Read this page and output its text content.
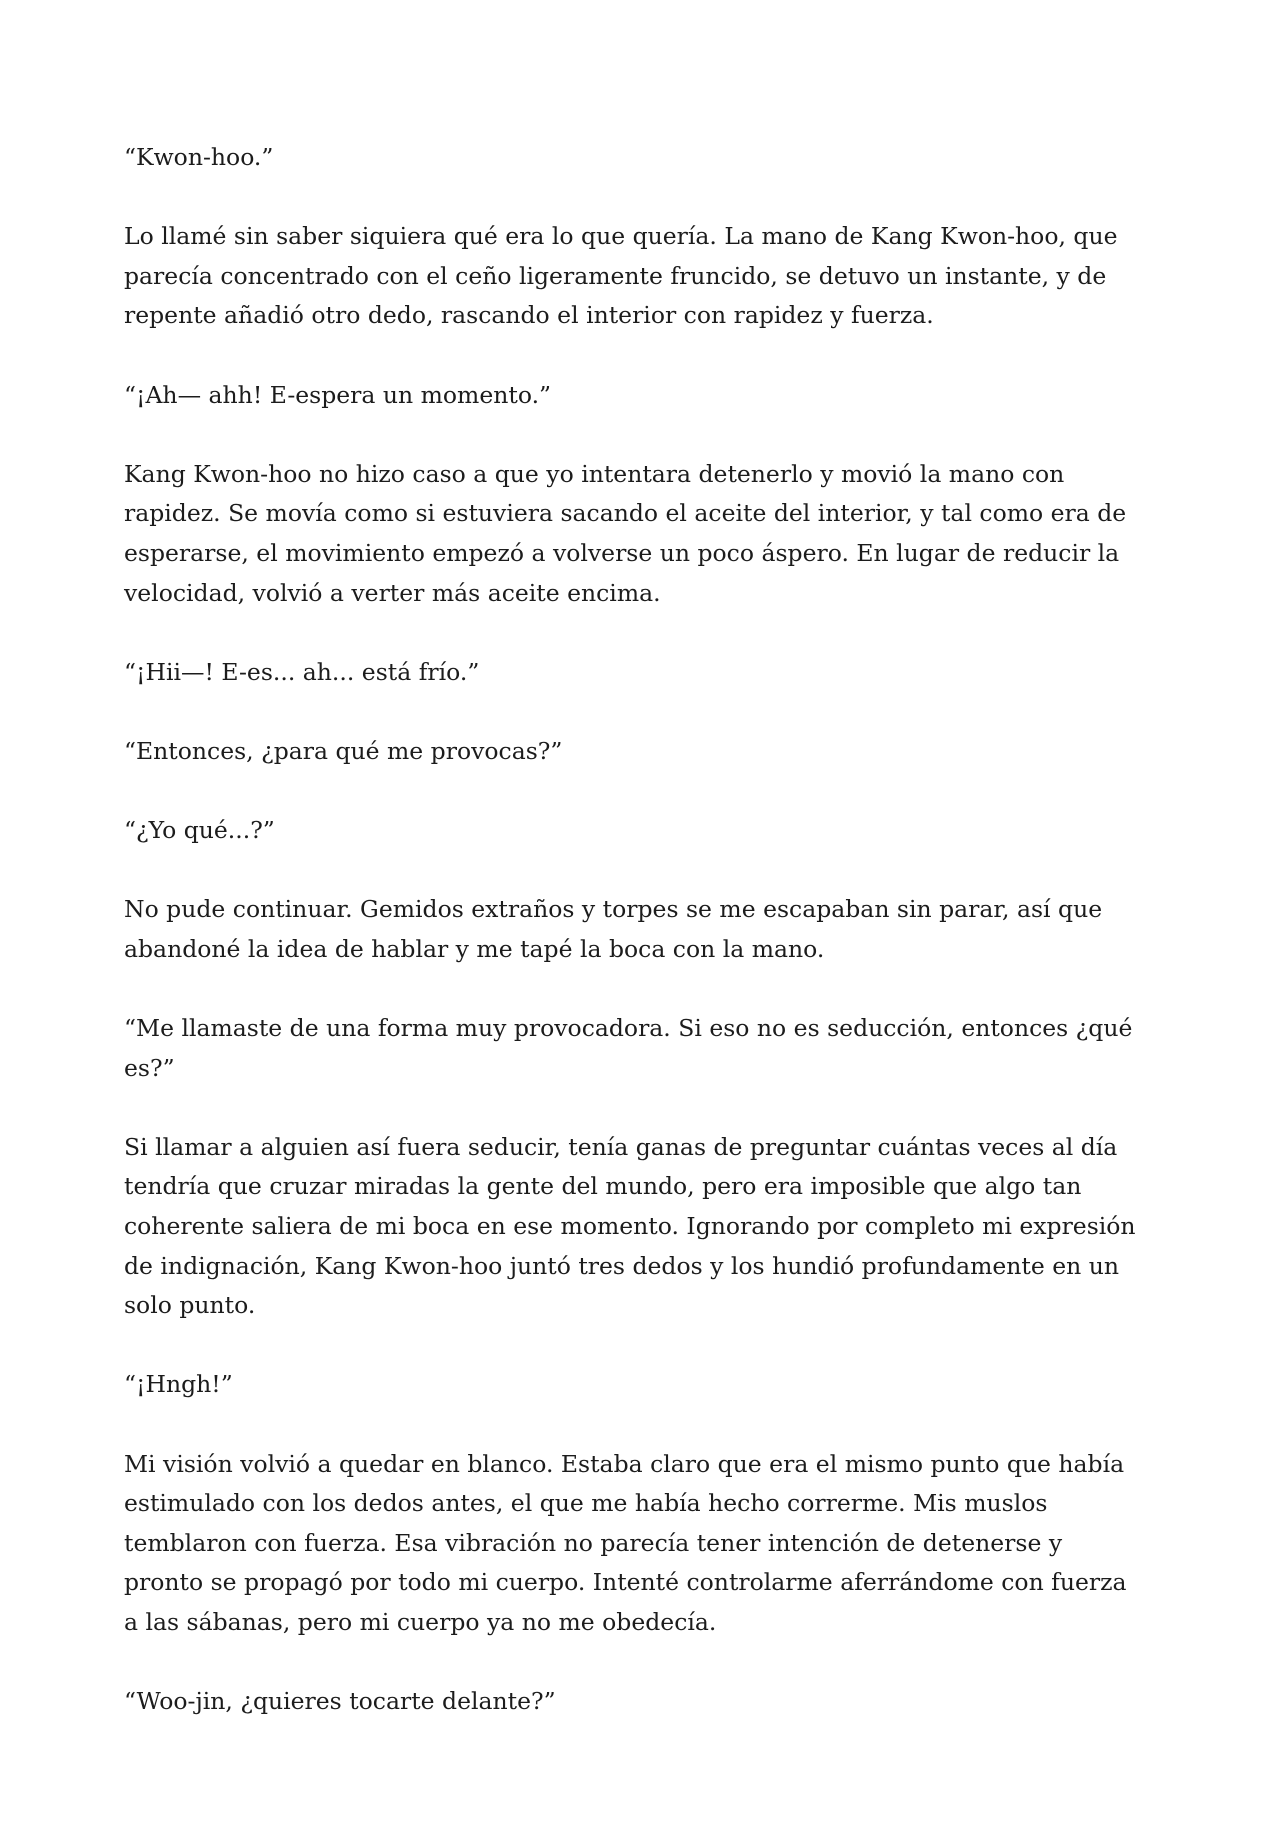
“Kwon-hoo.”

Lo llamé sin saber siquiera qué era lo que quería. La mano de Kang Kwon-hoo, que parecía concentrado con el ceño ligeramente fruncido, se detuvo un instante, y de repente añadió otro dedo, rascando el interior con rapidez y fuerza.

“¡Ah— ahh! E-espera un momento.”

Kang Kwon-hoo no hizo caso a que yo intentara detenerlo y movió la mano con rapidez. Se movía como si estuviera sacando el aceite del interior, y tal como era de esperarse, el movimiento empezó a volverse un poco áspero. En lugar de reducir la velocidad, volvió a verter más aceite encima.

“¡Hii—! E-es... ah... está frío.”

“Entonces, ¿para qué me provocas?”

“¿Yo qué...?”

No pude continuar. Gemidos extraños y torpes se me escapaban sin parar, así que abandoné la idea de hablar y me tapé la boca con la mano.

“Me llamaste de una forma muy provocadora. Si eso no es seducción, entonces ¿qué es?”

Si llamar a alguien así fuera seducir, tenía ganas de preguntar cuántas veces al día tendría que cruzar miradas la gente del mundo, pero era imposible que algo tan coherente saliera de mi boca en ese momento. Ignorando por completo mi expresión de indignación, Kang Kwon-hoo juntó tres dedos y los hundió profundamente en un solo punto.

“¡Hngh!”

Mi visión volvió a quedar en blanco. Estaba claro que era el mismo punto que había estimulado con los dedos antes, el que me había hecho correrme. Mis muslos temblaron con fuerza. Esa vibración no parecía tener intención de detenerse y pronto se propagó por todo mi cuerpo. Intenté controlarme aferrándome con fuerza a las sábanas, pero mi cuerpo ya no me obedecía.

“Woo-jin, ¿quieres tocarte delante?”
